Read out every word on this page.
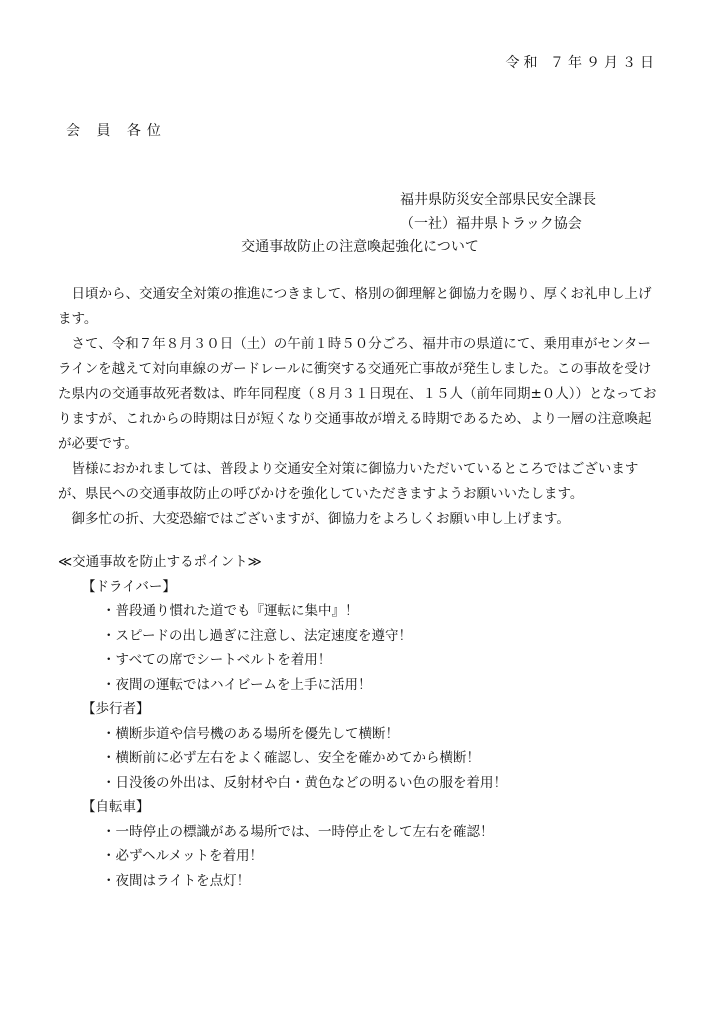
令和 ７年９月３日
会 員 各位
福井県防災安全部県民安全課長
（一社）福井県トラック協会
交通事故防止の注意喚起強化について

日頃から、交通安全対策の推進につきまして、格別の御理解と御協力を賜り、厚くお礼申し上げます。

さて、令和７年８月３０日（土）の午前１時５０分ごろ、福井市の県道にて、乗用車がセンターラインを越えて対向車線のガードレールに衝突する交通死亡事故が発生しました。この事故を受けた県内の交通事故死者数は、昨年同程度（８月３１日現在、１５人（前年同期±０人））となっておりますが、これからの時期は日が短くなり交通事故が増える時期であるため、より一層の注意喚起が必要です。

皆様におかれましては、普段より交通安全対策に御協力いただいているところではございますが、県民への交通事故防止の呼びかけを強化していただきますようお願いいたします。

御多忙の折、大変恐縮ではございますが、御協力をよろしくお願い申し上げます。

≪交通事故を防止するポイント≫
【ドライバー】
・普段通り慣れた道でも『運転に集中』！
・スピードの出し過ぎに注意し、法定速度を遵守！
・すべての席でシートベルトを着用！
・夜間の運転ではハイビームを上手に活用！
【歩行者】
・横断歩道や信号機のある場所を優先して横断！
・横断前に必ず左右をよく確認し、安全を確かめてから横断！
・日没後の外出は、反射材や白・黄色などの明るい色の服を着用！
【自転車】
・一時停止の標識がある場所では、一時停止をして左右を確認！
・必ずヘルメットを着用！
・夜間はライトを点灯！
